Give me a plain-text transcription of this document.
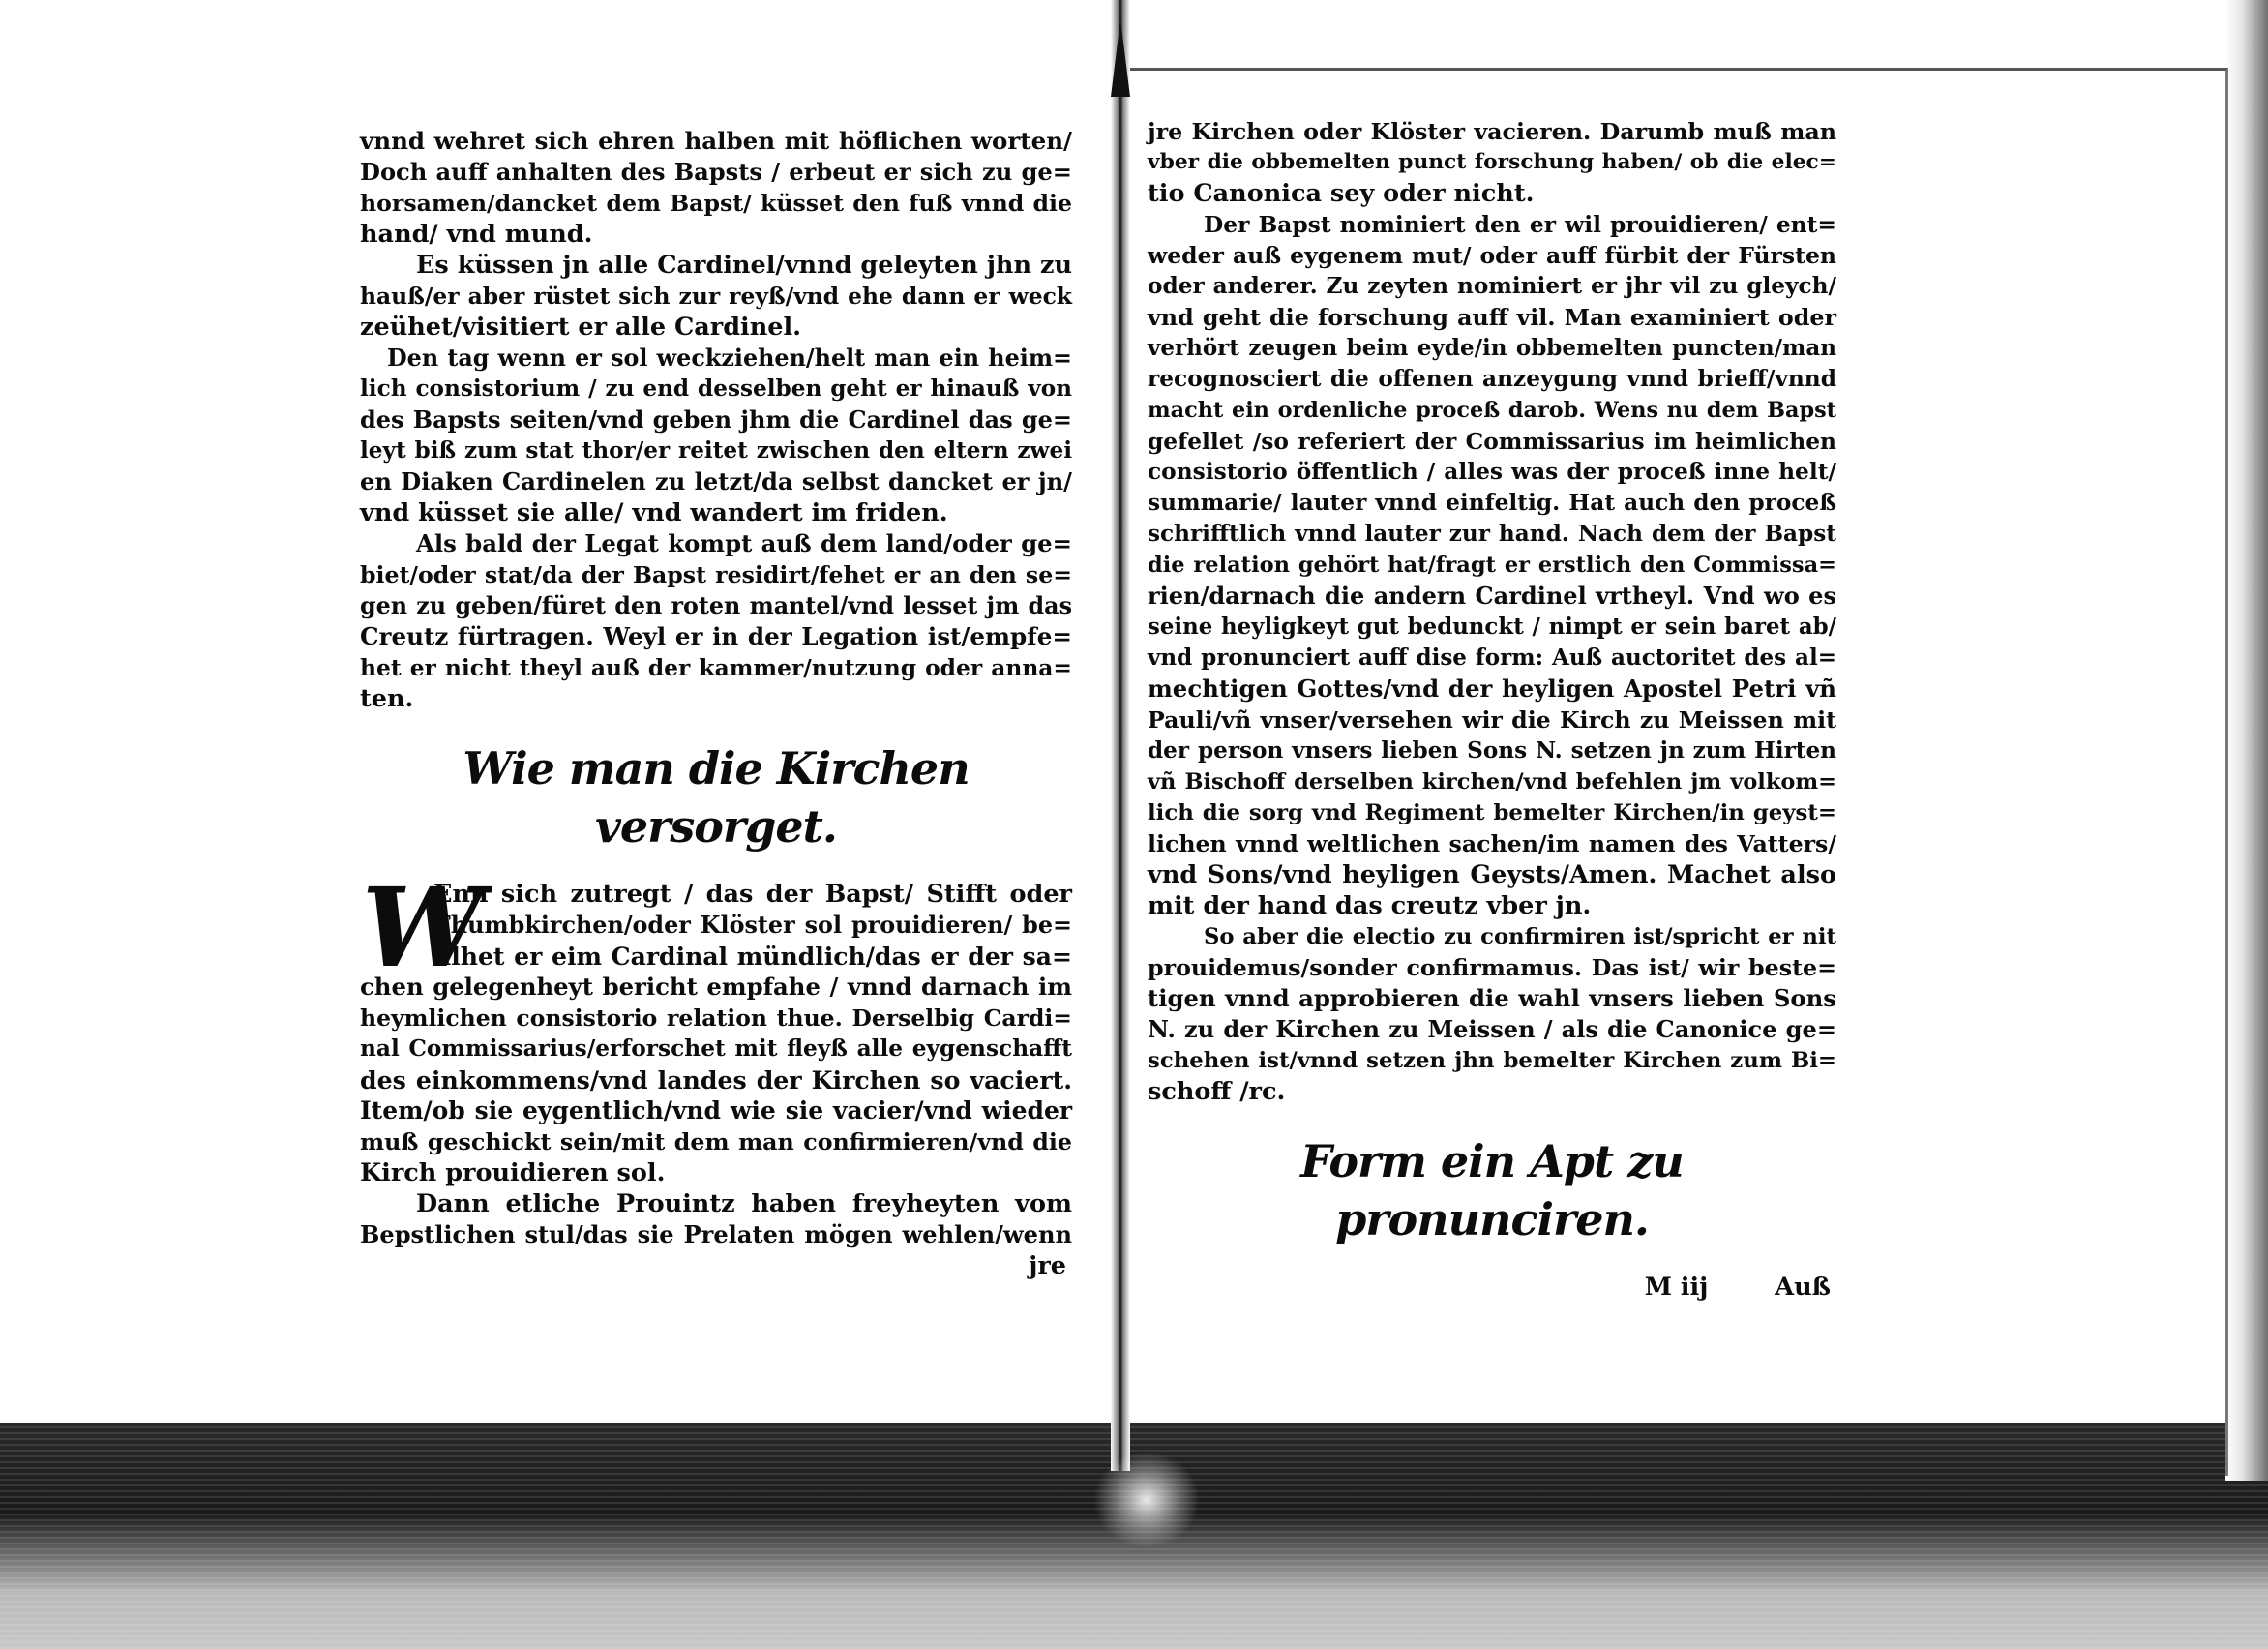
vnnd wehret sich ehren halben mit höflichen worten/
Doch auff anhalten des Bapsts / erbeut er sich zu ge=
horsamen/dancket dem Bapst/ küsset den fuß vnnd die
hand/ vnd mund.
Es küssen jn alle Cardinel/vnnd geleyten jhn zu
hauß/er aber rüstet sich zur reyß/vnd ehe dann er weck
zeühet/visitiert er alle Cardinel.
Den tag wenn er sol weckziehen/helt man ein heim=
lich consistorium / zu end desselben geht er hinauß von
des Bapsts seiten/vnd geben jhm die Cardinel das ge=
leyt biß zum stat thor/er reitet zwischen den eltern zwei
en Diaken Cardinelen zu letzt/da selbst dancket er jn/
vnd küsset sie alle/ vnd wandert im friden.
Als bald der Legat kompt auß dem land/oder ge=
biet/oder stat/da der Bapst residirt/fehet er an den se=
gen zu geben/füret den roten mantel/vnd lesset jm das
Creutz fürtragen. Weyl er in der Legation ist/empfe=
het er nicht theyl auß der kammer/nutzung oder anna=
ten.
Wie man die Kirchen versorget.
W
Enn sich zutregt / das der Bapst/ Stifft oder
Thumbkirchen/oder Klöster sol prouidieren/ be=
filhet er eim Cardinal mündlich/das er der sa=
chen gelegenheyt bericht empfahe / vnnd darnach im
heymlichen consistorio relation thue. Derselbig Cardi=
nal Commissarius/erforschet mit fleyß alle eygenschafft
des einkommens/vnd landes der Kirchen so vaciert.
Item/ob sie eygentlich/vnd wie sie vacier/vnd wieder
muß geschickt sein/mit dem man confirmieren/vnd die
Kirch prouidieren sol.
Dann etliche Prouintz haben freyheyten vom
Bepstlichen stul/das sie Prelaten mögen wehlen/wenn
jre
jre Kirchen oder Klöster vacieren. Darumb muß man
vber die obbemelten punct forschung haben/ ob die elec=
tio Canonica sey oder nicht.
Der Bapst nominiert den er wil prouidieren/ ent=
weder auß eygenem mut/ oder auff fürbit der Fürsten
oder anderer. Zu zeyten nominiert er jhr vil zu gleych/
vnd geht die forschung auff vil. Man examiniert oder
verhört zeugen beim eyde/in obbemelten puncten/man
recognosciert die offenen anzeygung vnnd brieff/vnnd
macht ein ordenliche proceß darob. Wens nu dem Bapst
gefellet /so referiert der Commissarius im heimlichen
consistorio öffentlich / alles was der proceß inne helt/
summarie/ lauter vnnd einfeltig. Hat auch den proceß
schrifftlich vnnd lauter zur hand. Nach dem der Bapst
die relation gehört hat/fragt er erstlich den Commissa=
rien/darnach die andern Cardinel vrtheyl. Vnd wo es
seine heyligkeyt gut bedunckt / nimpt er sein baret ab/
vnd pronunciert auff dise form: Auß auctoritet des al=
mechtigen Gottes/vnd der heyligen Apostel Petri vñ
Pauli/vñ vnser/versehen wir die Kirch zu Meissen mit
der person vnsers lieben Sons N. setzen jn zum Hirten
vñ Bischoff derselben kirchen/vnd befehlen jm volkom=
lich die sorg vnd Regiment bemelter Kirchen/in geyst=
lichen vnnd weltlichen sachen/im namen des Vatters/
vnd Sons/vnd heyligen Geysts/Amen. Machet also
mit der hand das creutz vber jn.
So aber die electio zu confirmiren ist/spricht er nit
prouidemus/sonder confirmamus. Das ist/ wir beste=
tigen vnnd approbieren die wahl vnsers lieben Sons
N. zu der Kirchen zu Meissen / als die Canonice ge=
schehen ist/vnnd setzen jhn bemelter Kirchen zum Bi=
schoff /rc.
Form ein Apt zu pronunciren.
M iij	Auß
